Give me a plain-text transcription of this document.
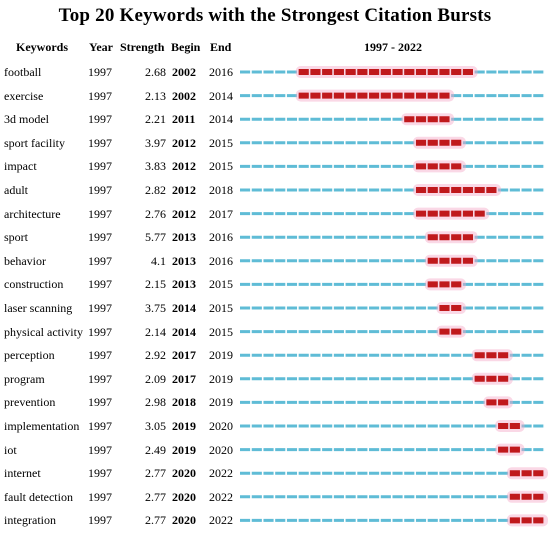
Top 20 Keywords with the Strongest Citation Bursts
Keywords Year Strength Begin End	1997 - 2022
football	1997	2.68 2002 2016
exercise	1997	2.13 2002 2014
3d model	1997	2.21 2011 2014
sport facility 1997	3.97 2012 2015
impact	1997	3.83 2012 2015
adult	1997	2.82 2012 2018
architecture 1997	2.76 2012 2017
sport	1997	5.77 2013 2016
behavior	1997	4.1 2013 2016
construction 1997	2.15 2013 2015
laser scanning 1997	3.75 2014 2015
physical activity 1997	2.14 2014 2015
perception	1997	2.92 2017 2019
program	1997	2.09 2017 2019
prevention	1997	2.98 2018 2019
implementation 1997	3.05 2019 2020
iot	1997	2.49 2019 2020
internet	1997	2.77 2020 2022
fault detection 1997	2.77 2020 2022
integration	1997	2.77 2020 2022
